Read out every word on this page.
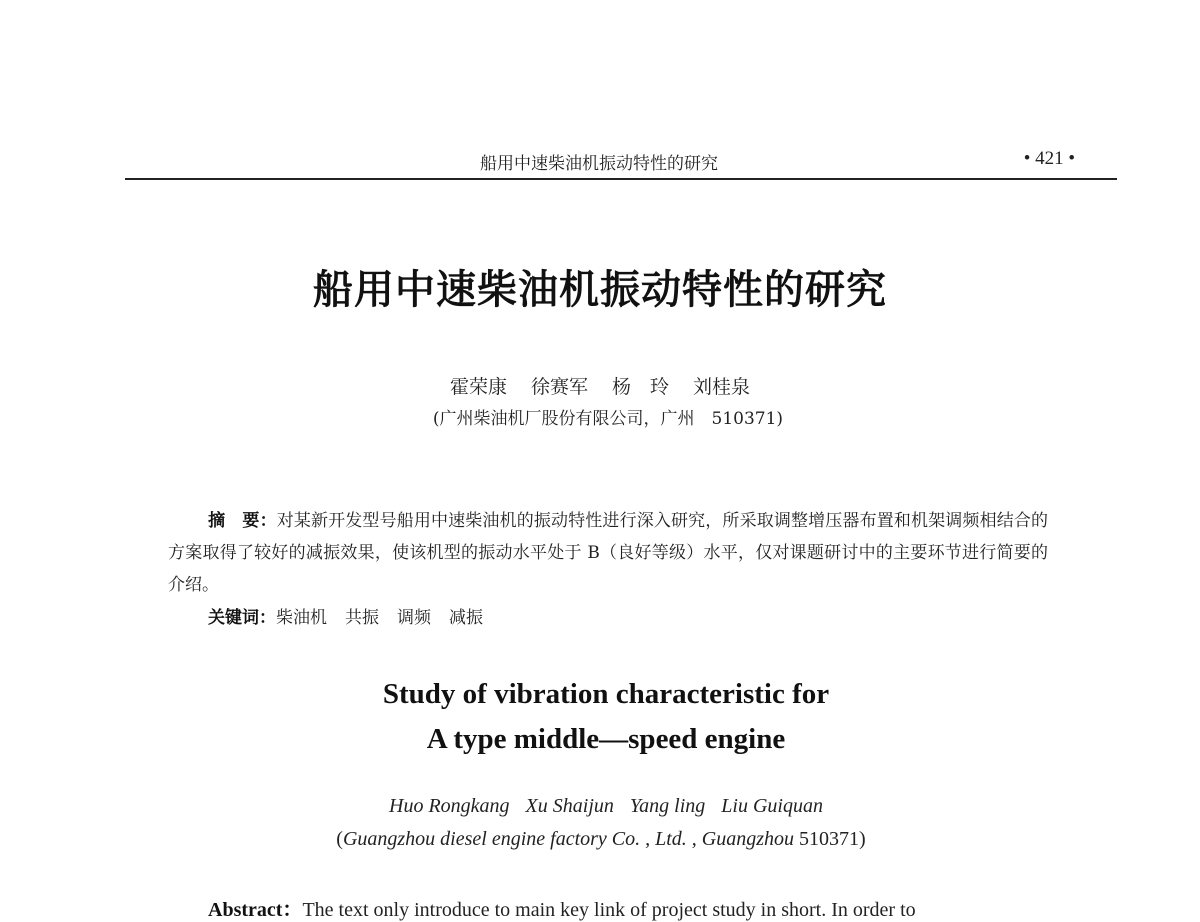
船用中速柴油机振动特性的研究	• 421 •
船用中速柴油机振动特性的研究
霍荣康 徐赛军 杨　玲 刘桂泉
(广州柴油机厂股份有限公司，广州　510371)
摘　要：对某新开发型号船用中速柴油机的振动特性进行深入研究，所采取调整增压器布置和机架调频相结合的方案取得了较好的减振效果，使该机型的振动水平处于 B（良好等级）水平，仅对课题研讨中的主要环节进行简要的介绍。
关键词：柴油机 共振 调频 减振
Study of vibration characteristic for
A type middle—speed engine
Huo Rongkang Xu Shaijun Yang ling Liu Guiquan
(Guangzhou diesel engine factory Co. , Ltd. , Guangzhou 510371)
Abstract：The text only introduce to main key link of project study in short. In order to
